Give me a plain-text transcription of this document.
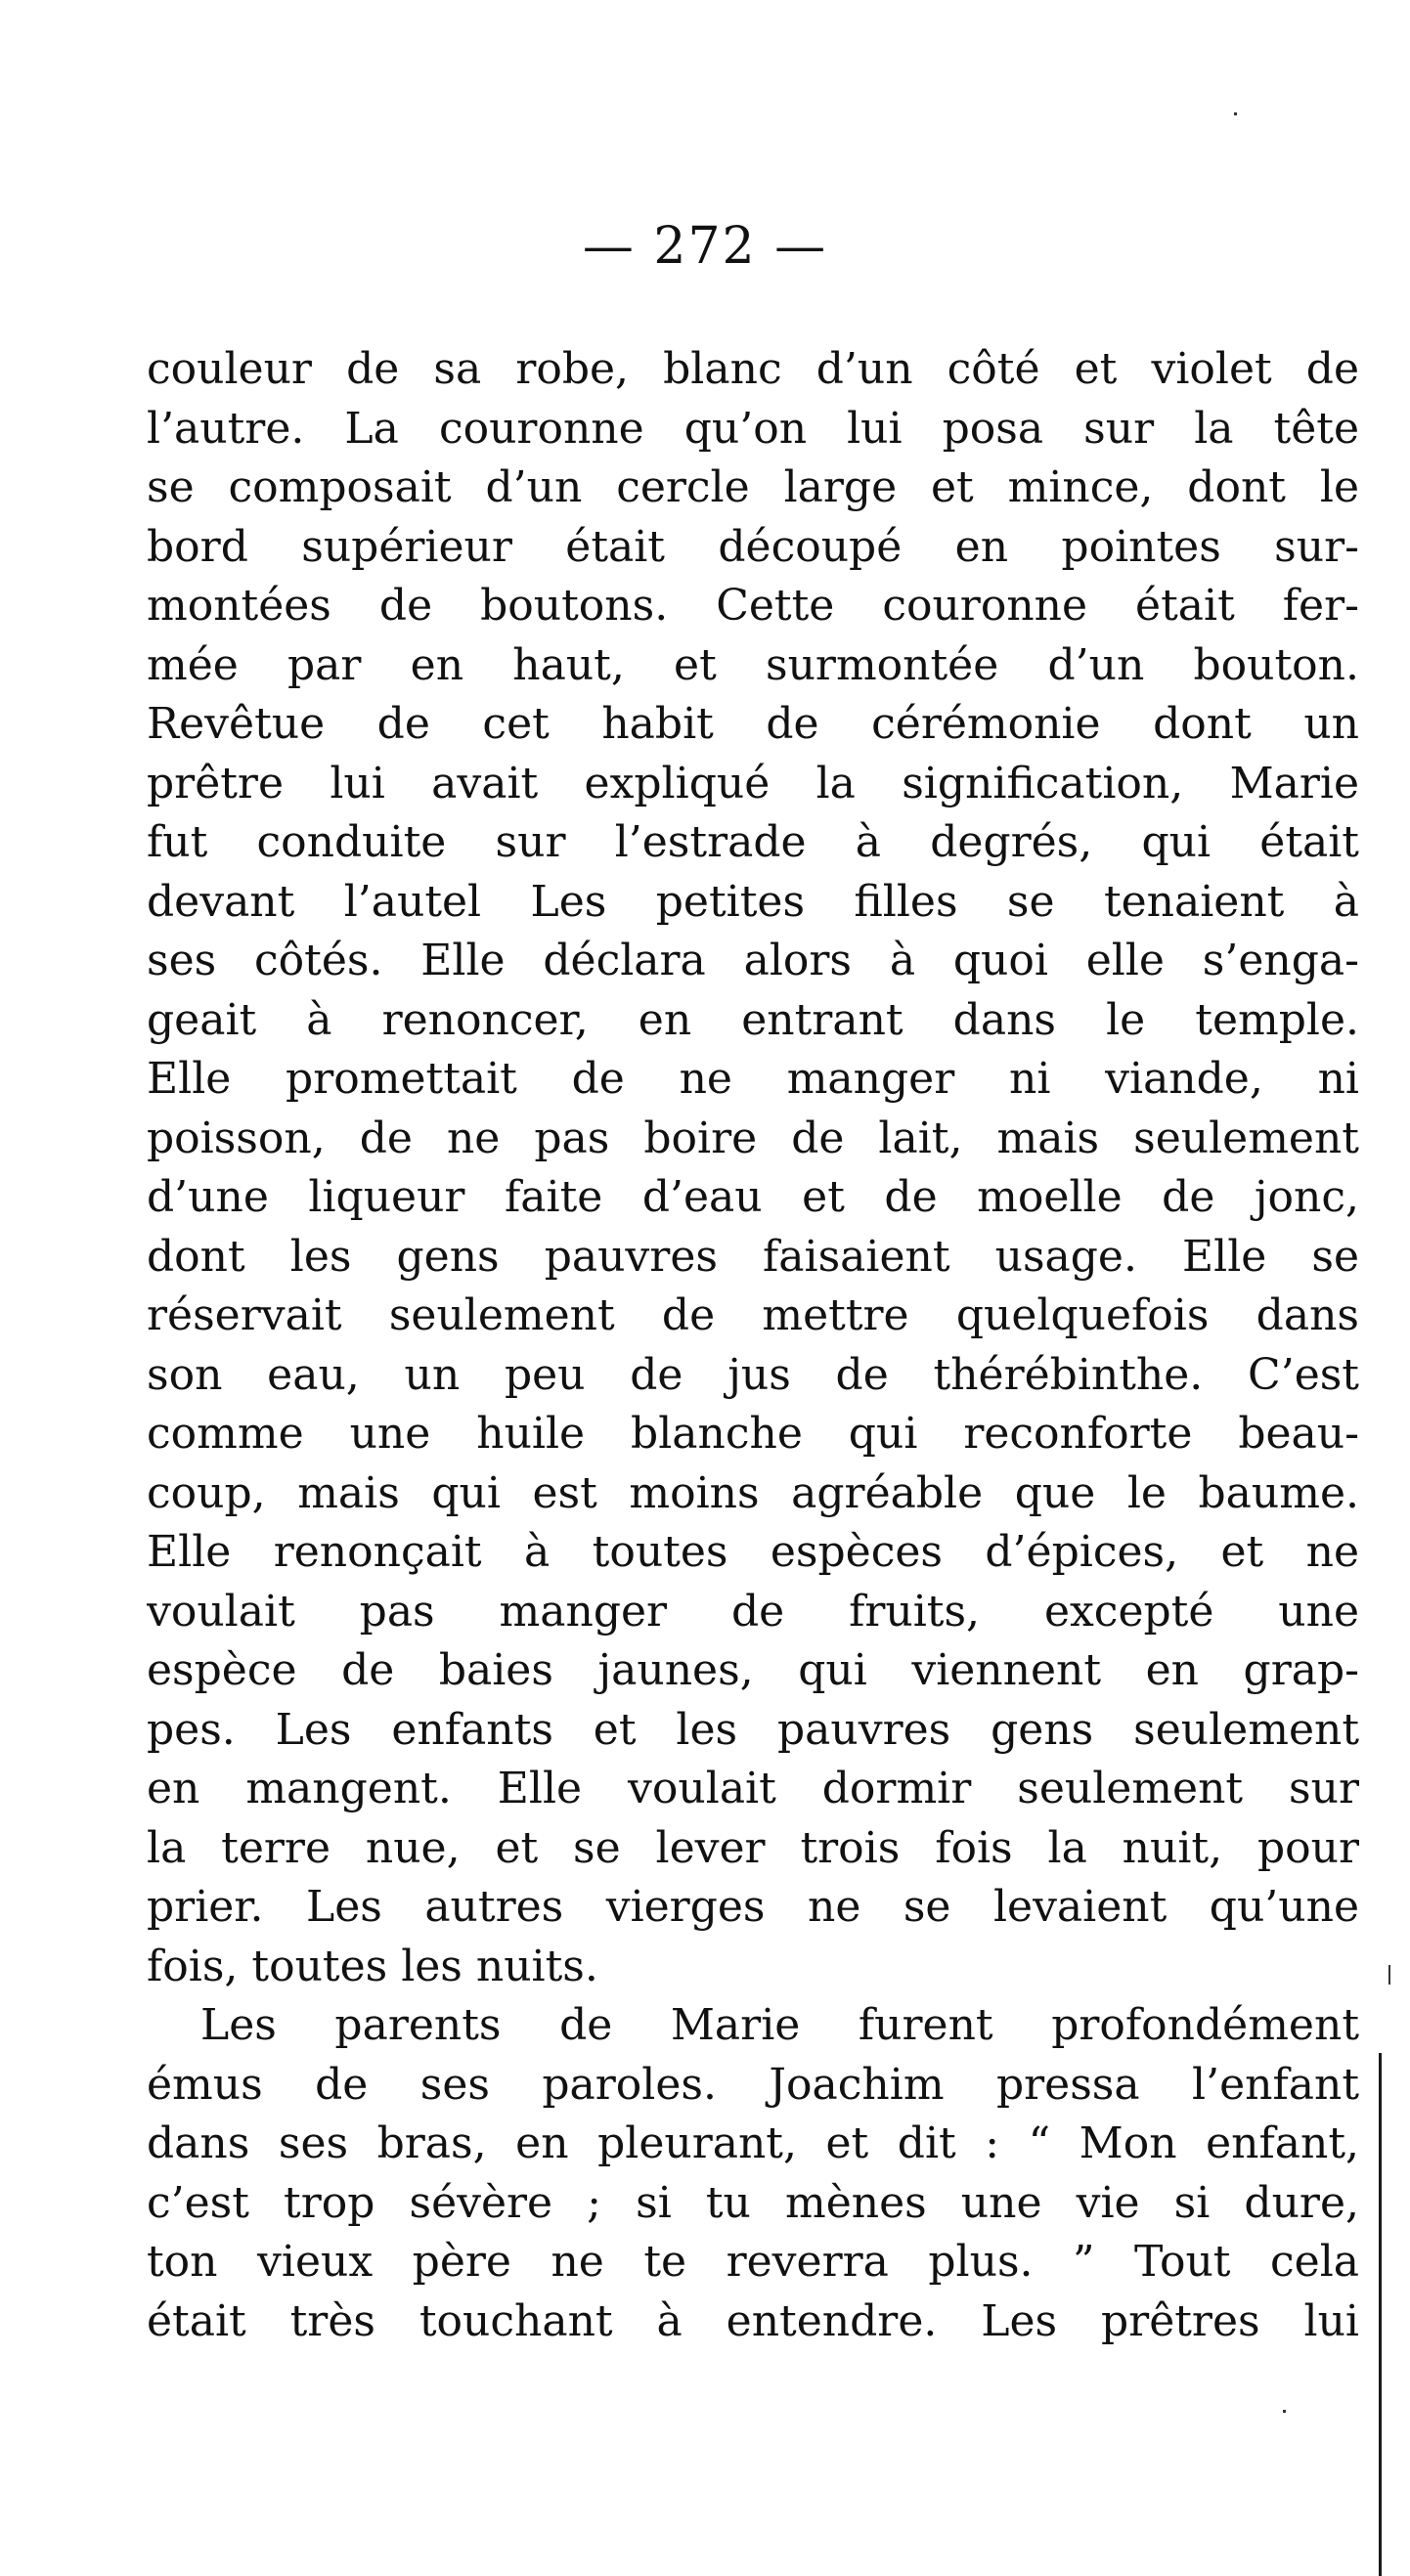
— 272 —
couleur de sa robe, blanc d’un côté et violet de
l’autre. La couronne qu’on lui posa sur la tête
se composait d’un cercle large et mince, dont le
bord supérieur était découpé en pointes sur-
montées de boutons. Cette couronne était fer-
mée par en haut, et surmontée d’un bouton.
Revêtue de cet habit de cérémonie dont un
prêtre lui avait expliqué la signification, Marie
fut conduite sur l’estrade à degrés, qui était
devant l’autel Les petites filles se tenaient à
ses côtés. Elle déclara alors à quoi elle s’enga-
geait à renoncer, en entrant dans le temple.
Elle promettait de ne manger ni viande, ni
poisson, de ne pas boire de lait, mais seulement
d’une liqueur faite d’eau et de moelle de jonc,
dont les gens pauvres faisaient usage. Elle se
réservait seulement de mettre quelquefois dans
son eau, un peu de jus de thérébinthe. C’est
comme une huile blanche qui reconforte beau-
coup, mais qui est moins agréable que le baume.
Elle renonçait à toutes espèces d’épices, et ne
voulait pas manger de fruits, excepté une
espèce de baies jaunes, qui viennent en grap-
pes. Les enfants et les pauvres gens seulement
en mangent. Elle voulait dormir seulement sur
la terre nue, et se lever trois fois la nuit, pour
prier. Les autres vierges ne se levaient qu’une
fois, toutes les nuits.
Les parents de Marie furent profondément
émus de ses paroles. Joachim pressa l’enfant
dans ses bras, en pleurant, et dit : “ Mon enfant,
c’est trop sévère ; si tu mènes une vie si dure,
ton vieux père ne te reverra plus. ” Tout cela
était très touchant à entendre. Les prêtres lui
